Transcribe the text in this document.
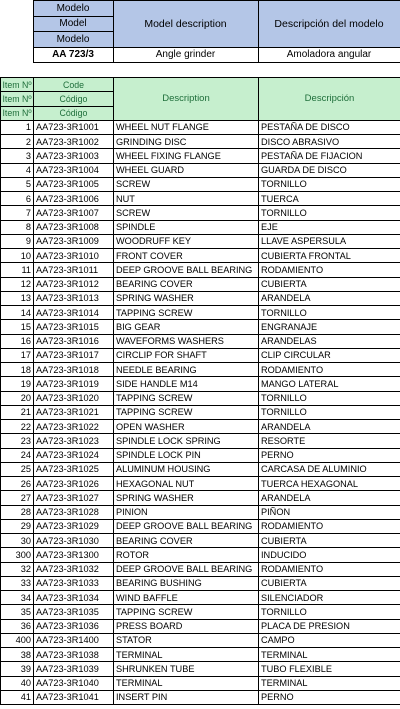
	Modelo	Model description	Descripción del modelo
	Model		
	Modelo		
	AA 723/3	Angle grinder	Amoladora angular
Item Nº	Code	Description	Descripción
Item Nº	Código		
Item Nº	Código		
1	AA723-3R1001	WHEEL NUT FLANGE	PESTAÑA DE DISCO
2	AA723-3R1002	GRINDING DISC	DISCO ABRASIVO
3	AA723-3R1003	WHEEL FIXING FLANGE	PESTAÑA DE FIJACION
4	AA723-3R1004	WHEEL GUARD	GUARDA DE DISCO
5	AA723-3R1005	SCREW	TORNILLO
6	AA723-3R1006	NUT	TUERCA
7	AA723-3R1007	SCREW	TORNILLO
8	AA723-3R1008	SPINDLE	EJE
9	AA723-3R1009	WOODRUFF KEY	LLAVE ASPERSULA
10	AA723-3R1010	FRONT COVER	CUBIERTA FRONTAL
11	AA723-3R1011	DEEP GROOVE BALL BEARING	RODAMIENTO
12	AA723-3R1012	BEARING COVER	CUBIERTA
13	AA723-3R1013	SPRING WASHER	ARANDELA
14	AA723-3R1014	TAPPING SCREW	TORNILLO
15	AA723-3R1015	BIG GEAR	ENGRANAJE
16	AA723-3R1016	WAVEFORMS WASHERS	ARANDELAS
17	AA723-3R1017	CIRCLIP FOR SHAFT	CLIP CIRCULAR
18	AA723-3R1018	NEEDLE BEARING	RODAMIENTO
19	AA723-3R1019	SIDE HANDLE M14	MANGO LATERAL
20	AA723-3R1020	TAPPING SCREW	TORNILLO
21	AA723-3R1021	TAPPING SCREW	TORNILLO
22	AA723-3R1022	OPEN WASHER	ARANDELA
23	AA723-3R1023	SPINDLE LOCK SPRING	RESORTE
24	AA723-3R1024	SPINDLE LOCK PIN	PERNO
25	AA723-3R1025	ALUMINUM HOUSING	CARCASA DE ALUMINIO
26	AA723-3R1026	HEXAGONAL NUT	TUERCA HEXAGONAL
27	AA723-3R1027	SPRING WASHER	ARANDELA
28	AA723-3R1028	PINION	PIÑON
29	AA723-3R1029	DEEP GROOVE BALL BEARING	RODAMIENTO
30	AA723-3R1030	BEARING COVER	CUBIERTA
300	AA723-3R1300	ROTOR	INDUCIDO
32	AA723-3R1032	DEEP GROOVE BALL BEARING	RODAMIENTO
33	AA723-3R1033	BEARING BUSHING	CUBIERTA
34	AA723-3R1034	WIND BAFFLE	SILENCIADOR
35	AA723-3R1035	TAPPING SCREW	TORNILLO
36	AA723-3R1036	PRESS BOARD	PLACA DE PRESION
400	AA723-3R1400	STATOR	CAMPO
38	AA723-3R1038	TERMINAL	TERMINAL
39	AA723-3R1039	SHRUNKEN TUBE	TUBO FLEXIBLE
40	AA723-3R1040	TERMINAL	TERMINAL
41	AA723-3R1041	INSERT PIN	PERNO
